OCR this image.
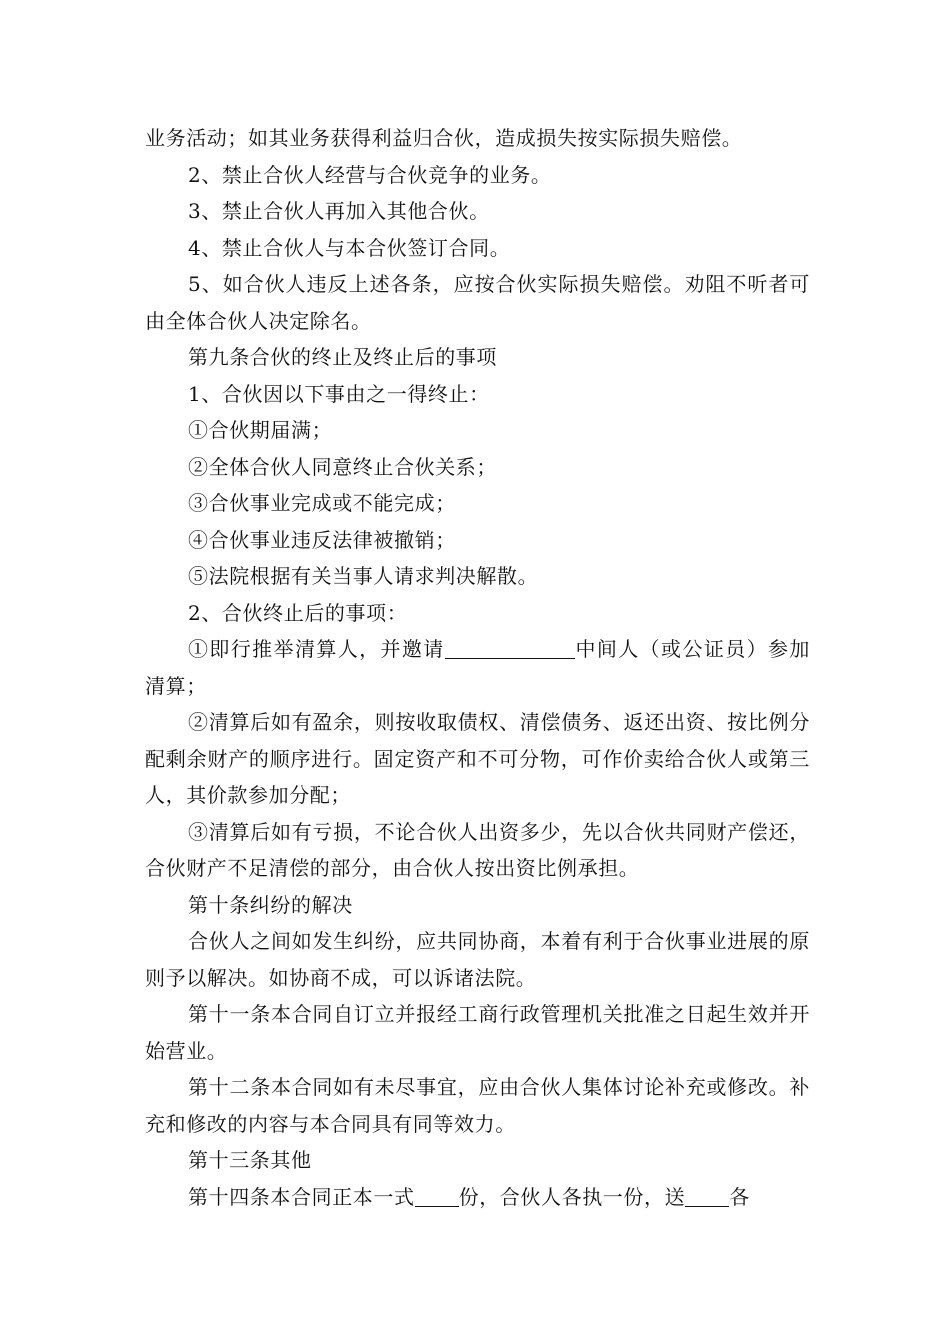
业务活动；如其业务获得利益归合伙，造成损失按实际损失赔偿。

2、禁止合伙人经营与合伙竞争的业务。

3、禁止合伙人再加入其他合伙。

4、禁止合伙人与本合伙签订合同。

5、如合伙人违反上述各条，应按合伙实际损失赔偿。劝阻不听者可由全体合伙人决定除名。

第九条合伙的终止及终止后的事项

1、合伙因以下事由之一得终止：

①合伙期届满；

②全体合伙人同意终止合伙关系；

③合伙事业完成或不能完成；

④合伙事业违反法律被撤销；

⑤法院根据有关当事人请求判决解散。

2、合伙终止后的事项：

①即行推举清算人，并邀请	中间人（或公证员）参加清算；

②清算后如有盈余，则按收取债权、清偿债务、返还出资、按比例分配剩余财产的顺序进行。固定资产和不可分物，可作价卖给合伙人或第三人，其价款参加分配；

③清算后如有亏损，不论合伙人出资多少，先以合伙共同财产偿还，合伙财产不足清偿的部分，由合伙人按出资比例承担。

第十条纠纷的解决

合伙人之间如发生纠纷，应共同协商，本着有利于合伙事业进展的原则予以解决。如协商不成，可以诉诸法院。

第十一条本合同自订立并报经工商行政管理机关批准之日起生效并开始营业。

第十二条本合同如有未尽事宜，应由合伙人集体讨论补充或修改。补充和修改的内容与本合同具有同等效力。

第十三条其他

第十四条本合同正本一式 份，合伙人各执一份，送 各
